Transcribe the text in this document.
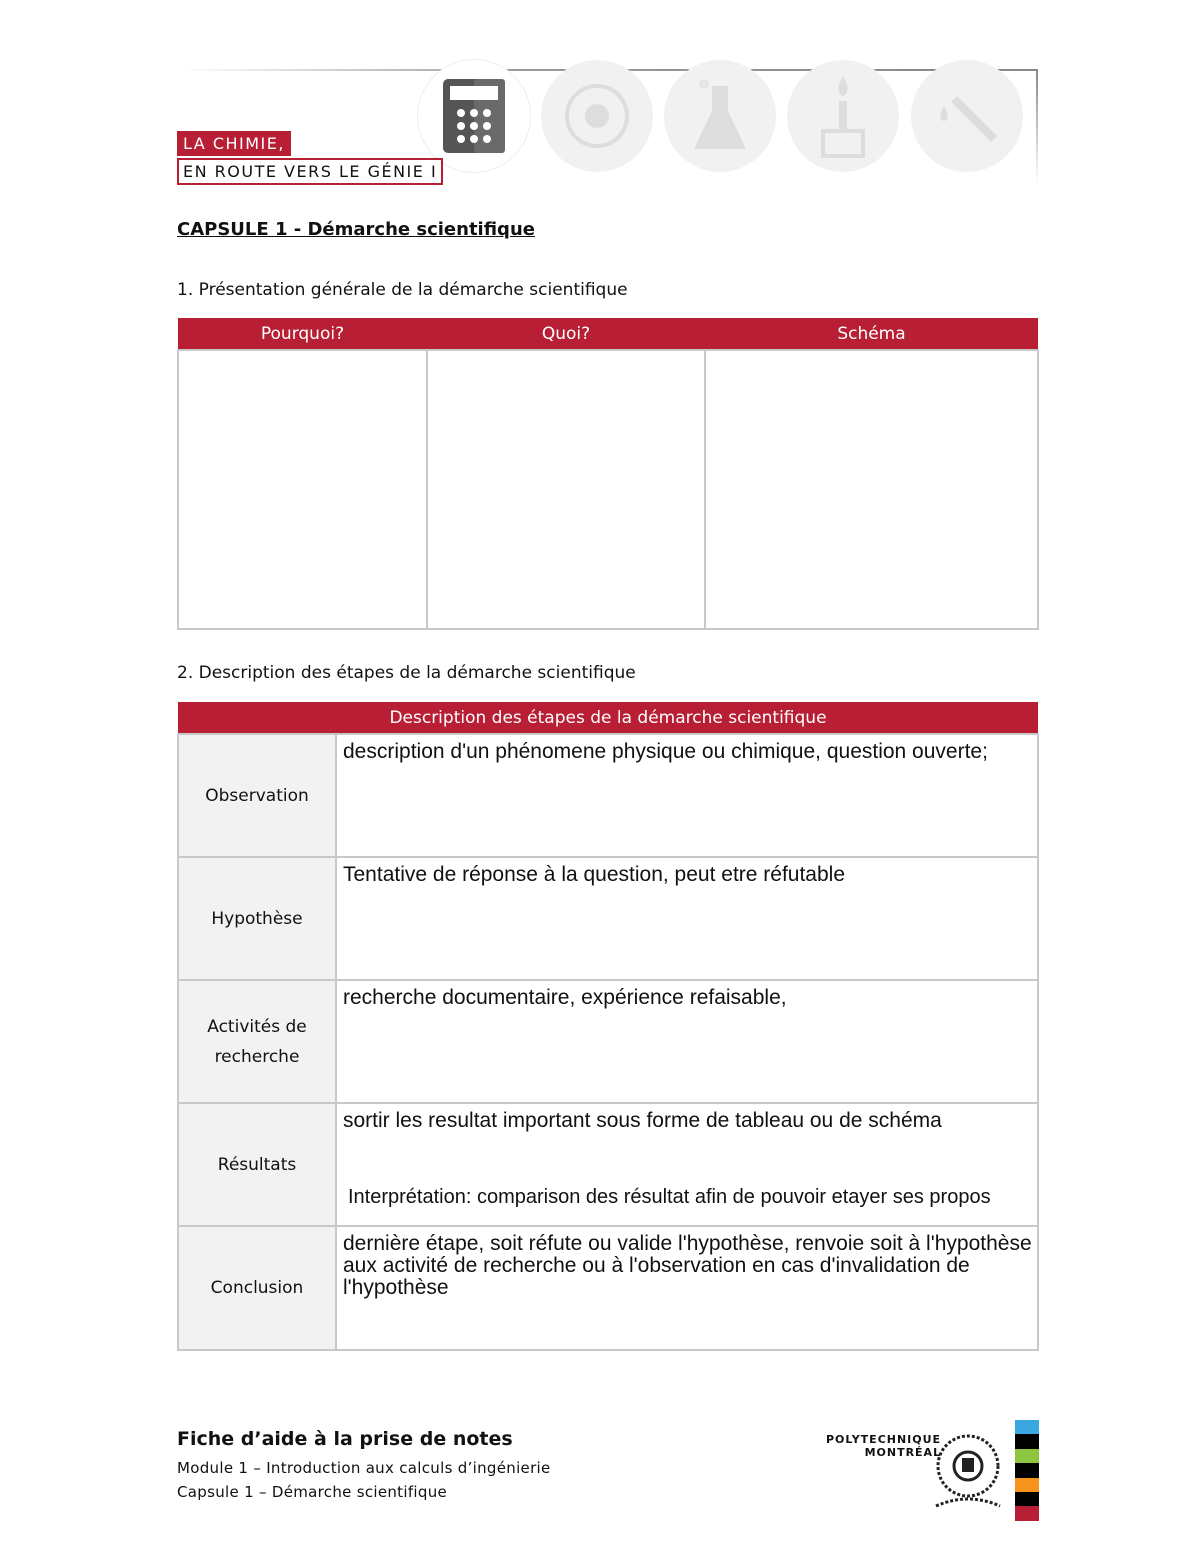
LA CHIMIE,
EN ROUTE VERS LE GÉNIE I
CAPSULE 1 - Démarche scientifique
1. Présentation générale de la démarche scientifique
Pourquoi?	Quoi?	Schéma

2. Description des étapes de la démarche scientifique
Description des étapes de la démarche scientifique	
Observation	description d'un phénomene physique ou chimique, question ouverte;

Hypothèse	Tentative de réponse à la question, peut etre réfutable

Activités de recherche	recherche documentaire, expérience refaisable,

Résultats	sortir les resultat important sous forme de tableau ou de schéma
Interprétation: comparison des résultat afin de pouvoir etayer ses propos

Conclusion	dernière étape, soit réfute ou valide l'hypothèse, renvoie soit à l'hypothèse aux activité de recherche ou à l'observation en cas d'invalidation de l'hypothèse
Fiche d’aide à la prise de notes
Module 1 – Introduction aux calculs d’ingénierie
Capsule 1 – Démarche scientifique
POLYTECHNIQUE
MONTRÉAL
